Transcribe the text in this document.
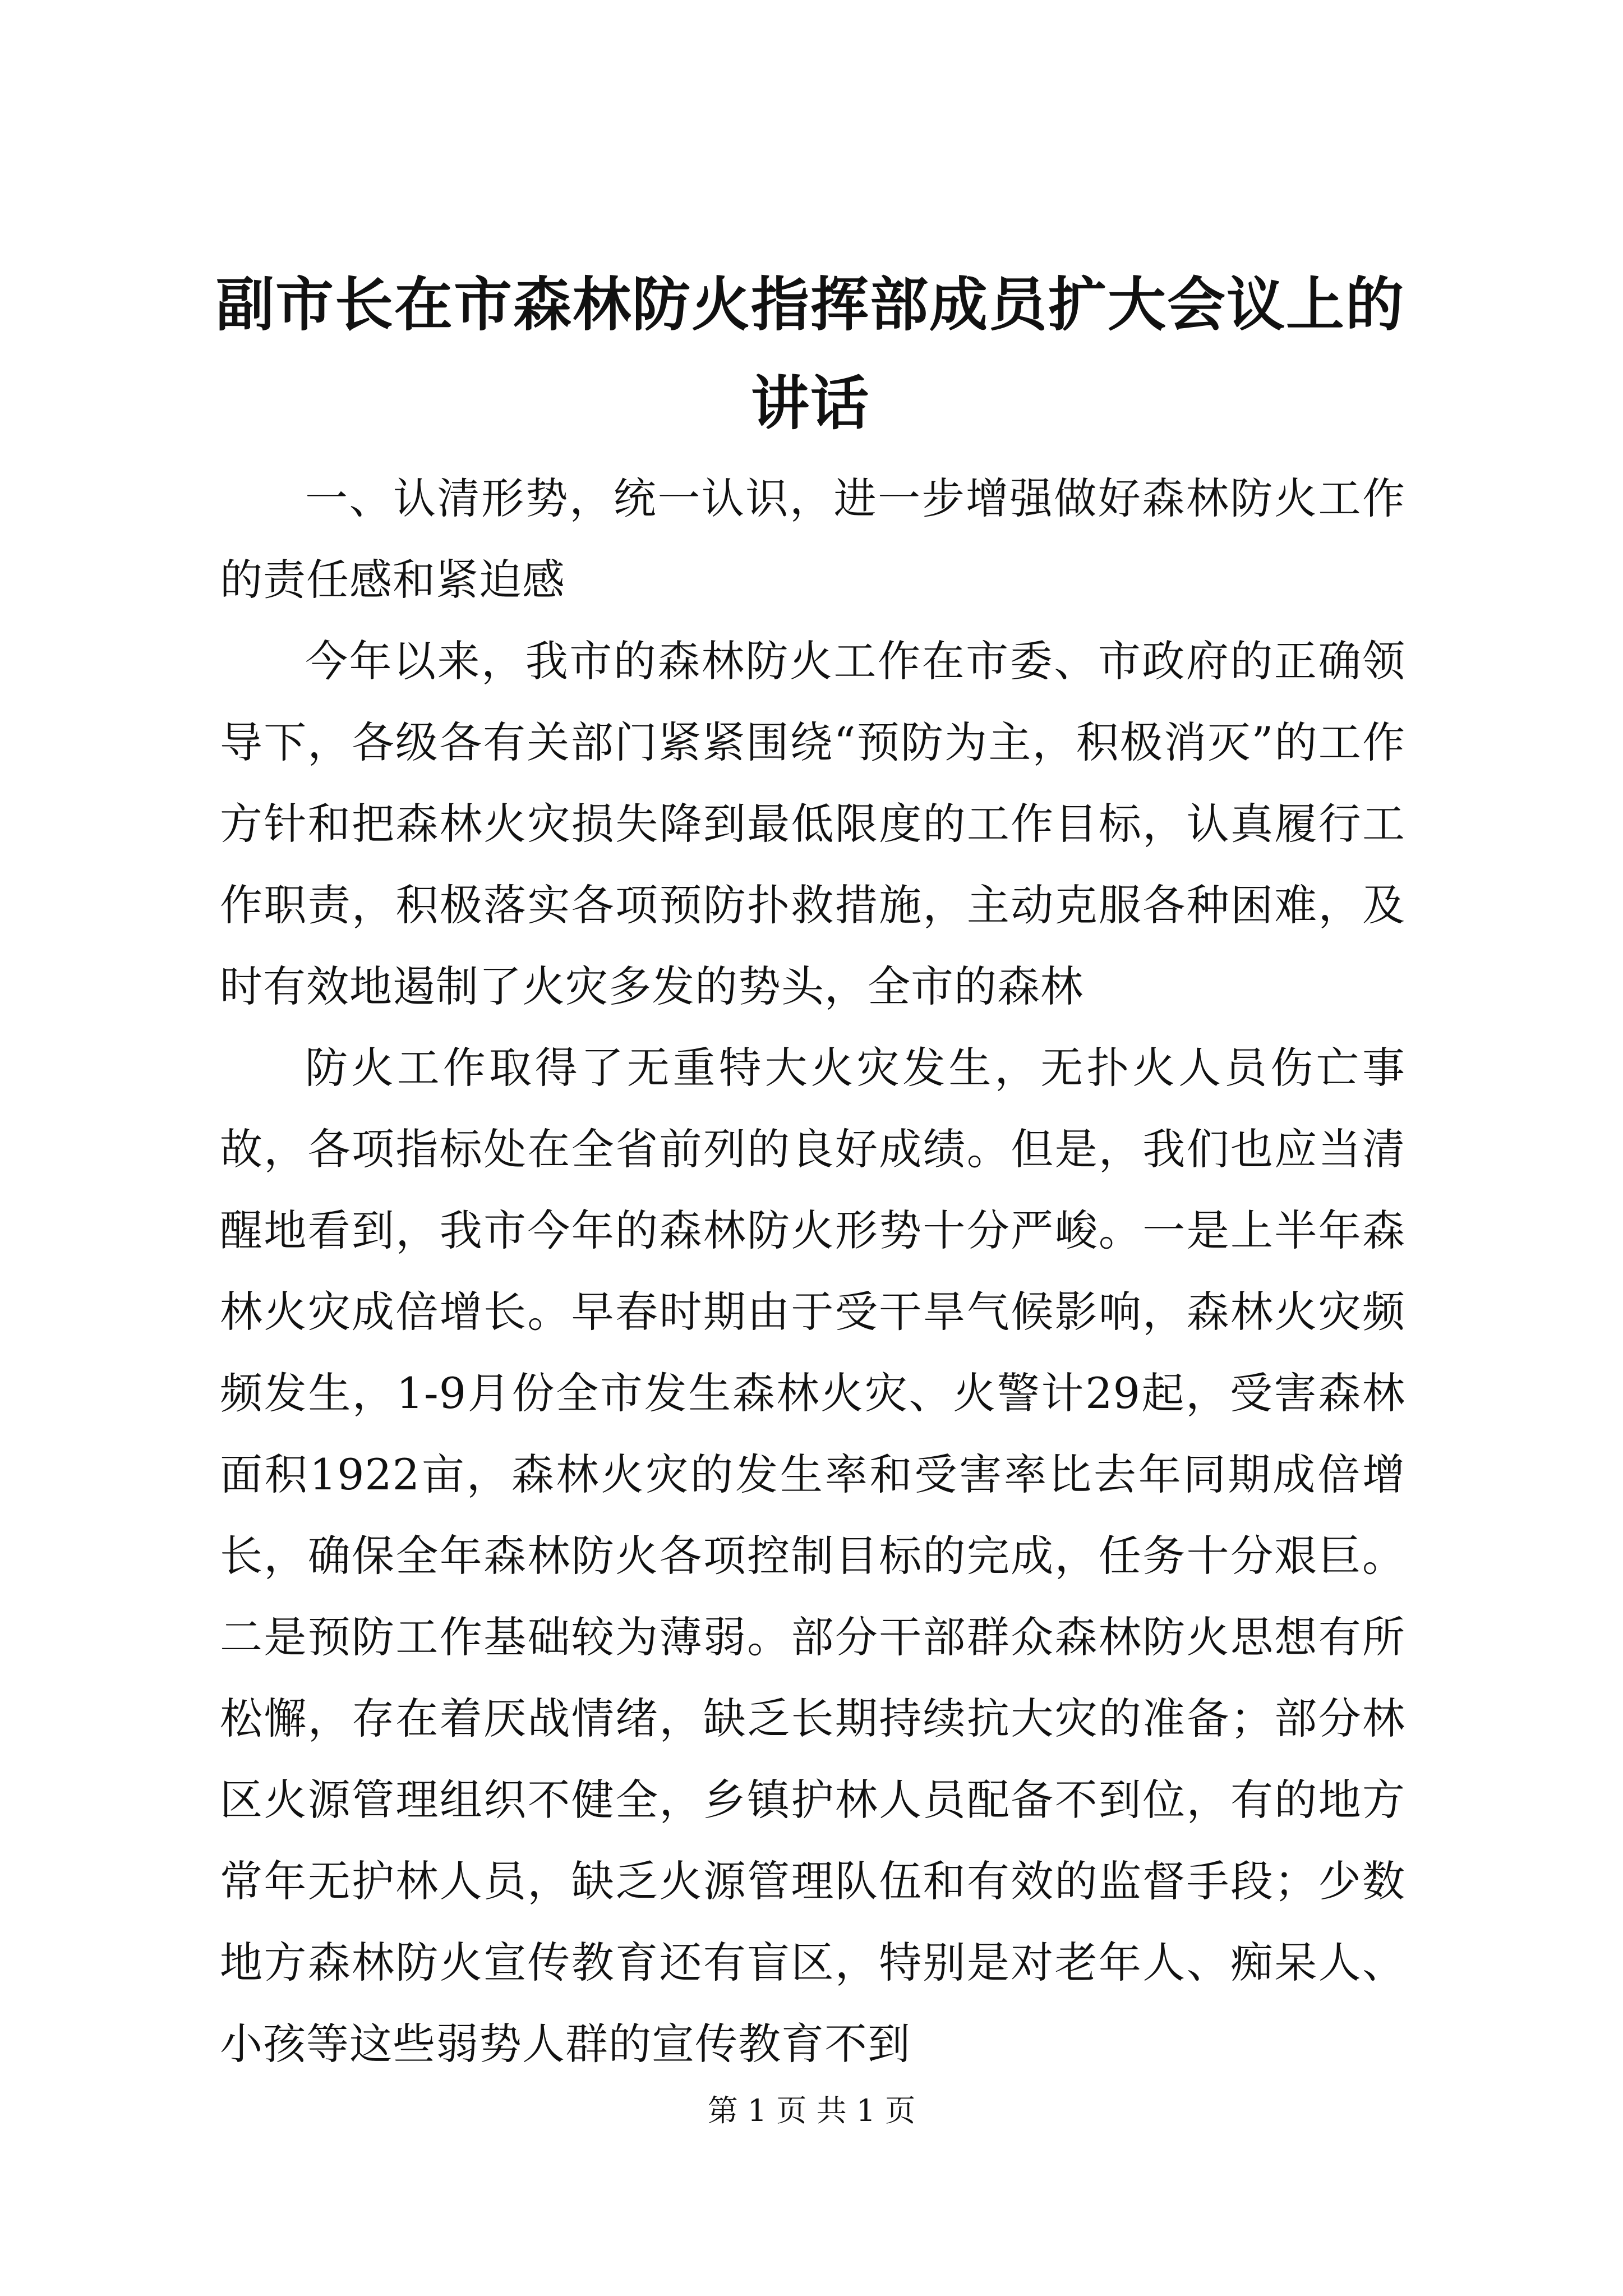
副市长在市森林防火指挥部成员扩大会议上的讲话

一、认清形势，统一认识，进一步增强做好森林防火工作的责任感和紧迫感

今年以来，我市的森林防火工作在市委、市政府的正确领导下，各级各有关部门紧紧围绕“预防为主，积极消灭”的工作方针和把森林火灾损失降到最低限度的工作目标，认真履行工作职责，积极落实各项预防扑救措施，主动克服各种困难，及时有效地遏制了火灾多发的势头，全市的森林

防火工作取得了无重特大火灾发生，无扑火人员伤亡事故，各项指标处在全省前列的良好成绩。但是，我们也应当清醒地看到，我市今年的森林防火形势十分严峻。一是上半年森林火灾成倍增长。早春时期由于受干旱气候影响，森林火灾频频发生，1-9月份全市发生森林火灾、火警计29起，受害森林面积1922亩，森林火灾的发生率和受害率比去年同期成倍增长，确保全年森林防火各项控制目标的完成，任务十分艰巨。二是预防工作基础较为薄弱。部分干部群众森林防火思想有所松懈，存在着厌战情绪，缺乏长期持续抗大灾的准备；部分林区火源管理组织不健全，乡镇护林人员配备不到位，有的地方常年无护林人员，缺乏火源管理队伍和有效的监督手段；少数地方森林防火宣传教育还有盲区，特别是对老年人、痴呆人、小孩等这些弱势人群的宣传教育不到

第 1 页 共 1 页
